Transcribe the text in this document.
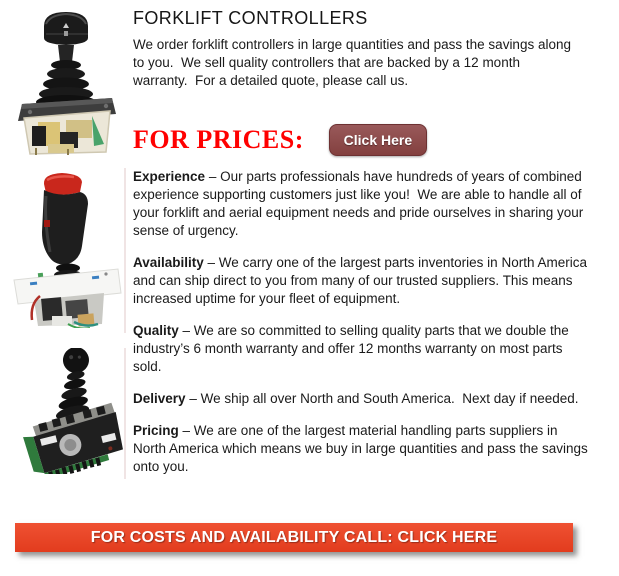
FORKLIFT CONTROLLERS

We order forklift controllers in large quantities and pass the savings along to you.  We sell quality controllers that are backed by a 12 month warranty.  For a detailed quote, please call us.

FOR PRICES:	Click Here

Experience – Our parts professionals have hundreds of years of combined experience supporting customers just like you!  We are able to handle all of your forklift and aerial equipment needs and pride ourselves in sharing your sense of urgency.

Availability – We carry one of the largest parts inventories in North America and can ship direct to you from many of our trusted suppliers. This means increased uptime for your fleet of equipment.

Quality – We are so committed to selling quality parts that we double the industry’s 6 month warranty and offer 12 months warranty on most parts sold.

Delivery – We ship all over North and South America.  Next day if needed.

Pricing – We are one of the largest material handling parts suppliers in North America which means we buy in large quantities and pass the savings onto you.

FOR COSTS AND AVAILABILITY CALL: CLICK HERE
